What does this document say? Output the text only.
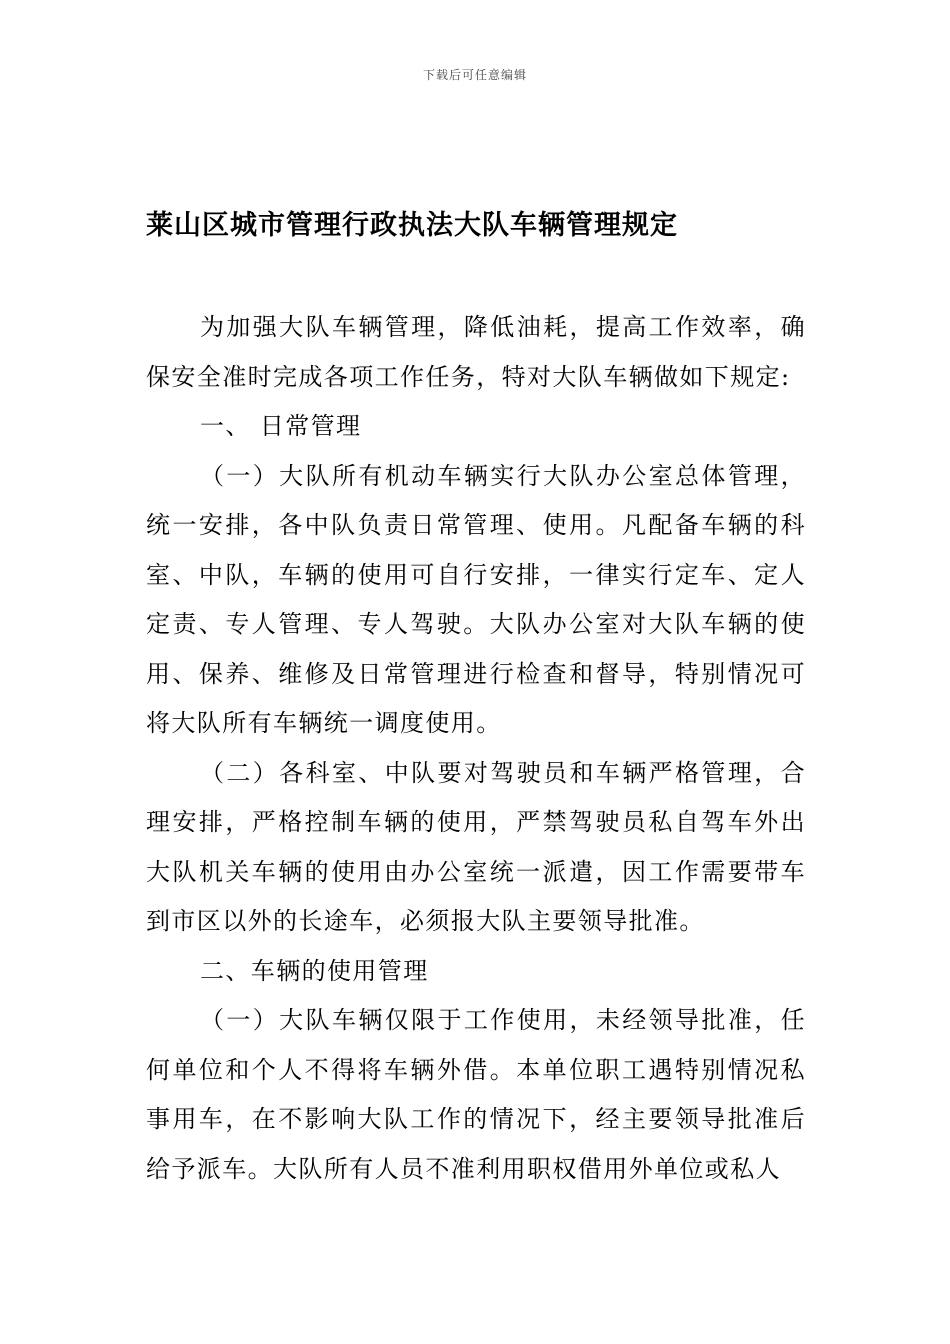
下载后可任意编辑
莱山区城市管理行政执法大队车辆管理规定

为加强大队车辆管理，降低油耗，提高工作效率，确保安全准时完成各项工作任务，特对大队车辆做如下规定:

一、 日常管理

（一）大队所有机动车辆实行大队办公室总体管理，统一安排，各中队负责日常管理、使用。凡配备车辆的科室、中队，车辆的使用可自行安排，一律实行定车、定人定责、专人管理、专人驾驶。大队办公室对大队车辆的使用、保养、维修及日常管理进行检查和督导，特别情况可将大队所有车辆统一调度使用。

（二）各科室、中队要对驾驶员和车辆严格管理，合理安排，严格控制车辆的使用，严禁驾驶员私自驾车外出大队机关车辆的使用由办公室统一派遣，因工作需要带车到市区以外的长途车，必须报大队主要领导批准。

二、车辆的使用管理

（一）大队车辆仅限于工作使用，未经领导批准，任何单位和个人不得将车辆外借。本单位职工遇特别情况私事用车，在不影响大队工作的情况下，经主要领导批准后给予派车。大队所有人员不准利用职权借用外单位或私人
